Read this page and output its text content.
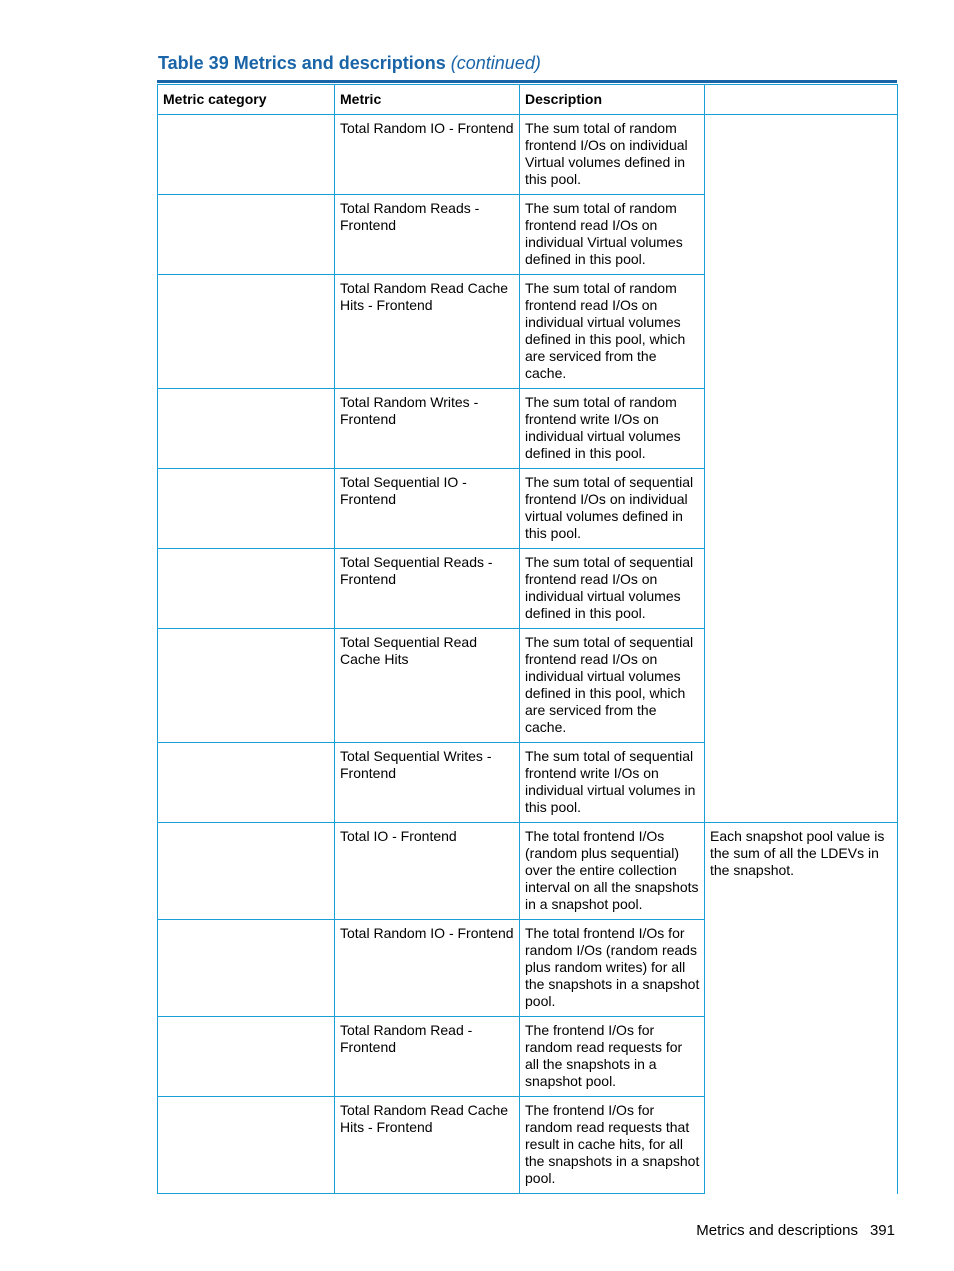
Table 39 Metrics and descriptions (continued)
Metric category	Metric	Description	
	Total Random IO - Frontend	The sum total of random frontend I/Os on individual Virtual volumes defined in this pool.	
	Total Random Reads - Frontend	The sum total of random frontend read I/Os on individual Virtual volumes defined in this pool.	
	Total Random Read Cache Hits - Frontend	The sum total of random frontend read I/Os on individual virtual volumes defined in this pool, which are serviced from the cache.	
	Total Random Writes - Frontend	The sum total of random frontend write I/Os on individual virtual volumes defined in this pool.	
	Total Sequential IO - Frontend	The sum total of sequential frontend I/Os on individual virtual volumes defined in this pool.	
	Total Sequential Reads - Frontend	The sum total of sequential frontend read I/Os on individual virtual volumes defined in this pool.	
	Total Sequential Read Cache Hits	The sum total of sequential frontend read I/Os on individual virtual volumes defined in this pool, which are serviced from the cache.	
	Total Sequential Writes - Frontend	The sum total of sequential frontend write I/Os on individual virtual volumes in this pool.	
	Total IO - Frontend	The total frontend I/Os (random plus sequential) over the entire collection interval on all the snapshots in a snapshot pool.	Each snapshot pool value is the sum of all the LDEVs in the snapshot.
	Total Random IO - Frontend	The total frontend I/Os for random I/Os (random reads plus random writes) for all the snapshots in a snapshot pool.	
	Total Random Read - Frontend	The frontend I/Os for random read requests for all the snapshots in a snapshot pool.	
	Total Random Read Cache Hits - Frontend	The frontend I/Os for random read requests that result in cache hits, for all the snapshots in a snapshot pool.	
Metrics and descriptions 391
